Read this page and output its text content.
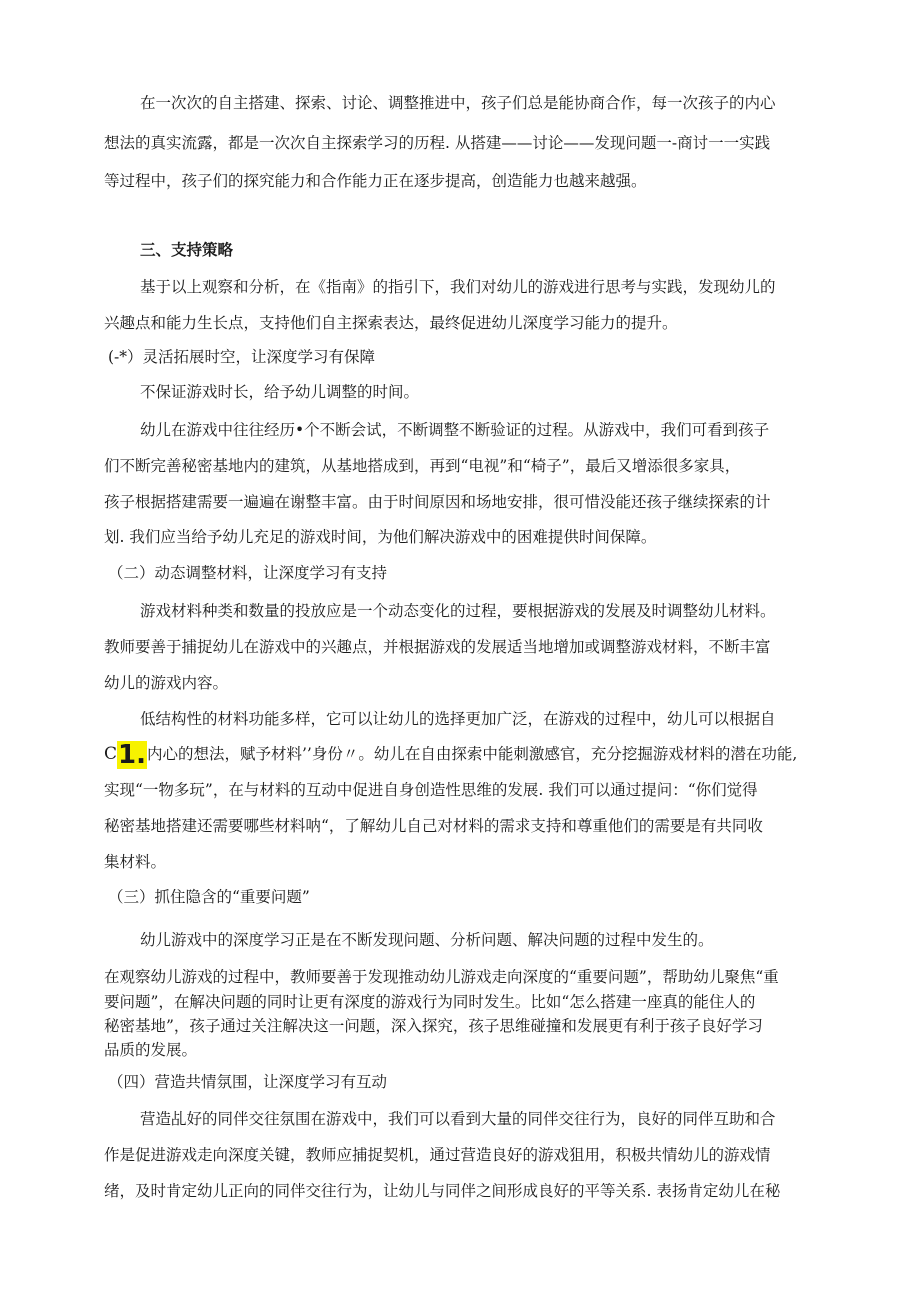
在一次次的自主搭建、探索、讨论、调整推进中，孩子们总是能协商合作，每一次孩子的内心
想法的真实流露，都是一次次自主探索学习的历程. 从搭建——讨论——发现问题一-商讨一一实践
等过程中，孩子们的探究能力和合作能力正在逐步提高，创造能力也越来越强。
三、支持策略
基于以上观察和分析，在《指南》的指引下，我们对幼儿的游戏进行思考与实践，发现幼儿的
兴趣点和能力生长点，支持他们自主探索表达，最终促进幼儿深度学习能力的提升。
(-*）灵活拓展时空，让深度学习有保障
不保证游戏时长，给予幼儿调整的时间。
幼儿在游戏中往往经历•个不断会试，不断调整不断验证的过程。从游戏中，我们可看到孩子
们不断完善秘密基地内的建筑，从基地搭成到，再到“电视”和“椅子”，最后又增添很多家具，
孩子根据搭建需要一遍遍在谢整丰富。由于时间原因和场地安排，很可惜没能还孩子继续探索的计
划. 我们应当给予幼儿充足的游戏时间，为他们解决游戏中的困难提供时间保障。
（二）动态调整材料，让深度学习有支持
游戏材料种类和数量的投放应是一个动态变化的过程，要根据游戏的发展及时调整幼儿材料。
教师要善于捕捉幼儿在游戏中的兴趣点，并根据游戏的发展适当地增加或调整游戏材料，不断丰富
幼儿的游戏内容。
低结构性的材料功能多样，它可以让幼儿的选择更加广泛，在游戏的过程中，幼儿可以根据自
C1.内心的想法，赋予材料’’身份〃。幼儿在自由探索中能刺激感官，充分挖掘游戏材料的潜在功能,
实现“一物多玩”，在与材料的互动中促进自身创造性思维的发展. 我们可以通过提问：“你们觉得
秘密基地搭建还需要哪些材料呐“，了解幼儿自己对材料的需求支持和尊重他们的需要是有共同收
集材料。
（三）抓住隐含的“重要问题”
幼儿游戏中的深度学习正是在不断发现问题、分析问题、解决问题的过程中发生的。
在观察幼儿游戏的过程中，教师要善于发现推动幼儿游戏走向深度的“重要问题”，帮助幼儿聚焦“重
要问题”，在解决问题的同时让更有深度的游戏行为同时发生。比如“怎么搭建一座真的能住人的
秘密基地”，孩子通过关注解决这一问题，深入探究，孩子思维碰撞和发展更有利于孩子良好学习
品质的发展。
（四）营造共情氛围，让深度学习有互动
营造乩好的同伴交往氛围在游戏中，我们可以看到大量的同伴交往行为，良好的同伴互助和合
作是促进游戏走向深度关键，教师应捕捉契机，通过营造良好的游戏狙用，积极共情幼儿的游戏情
绪，及时肯定幼儿正向的同伴交往行为，让幼儿与同伴之间形成良好的平等关系. 表扬肯定幼儿在秘
